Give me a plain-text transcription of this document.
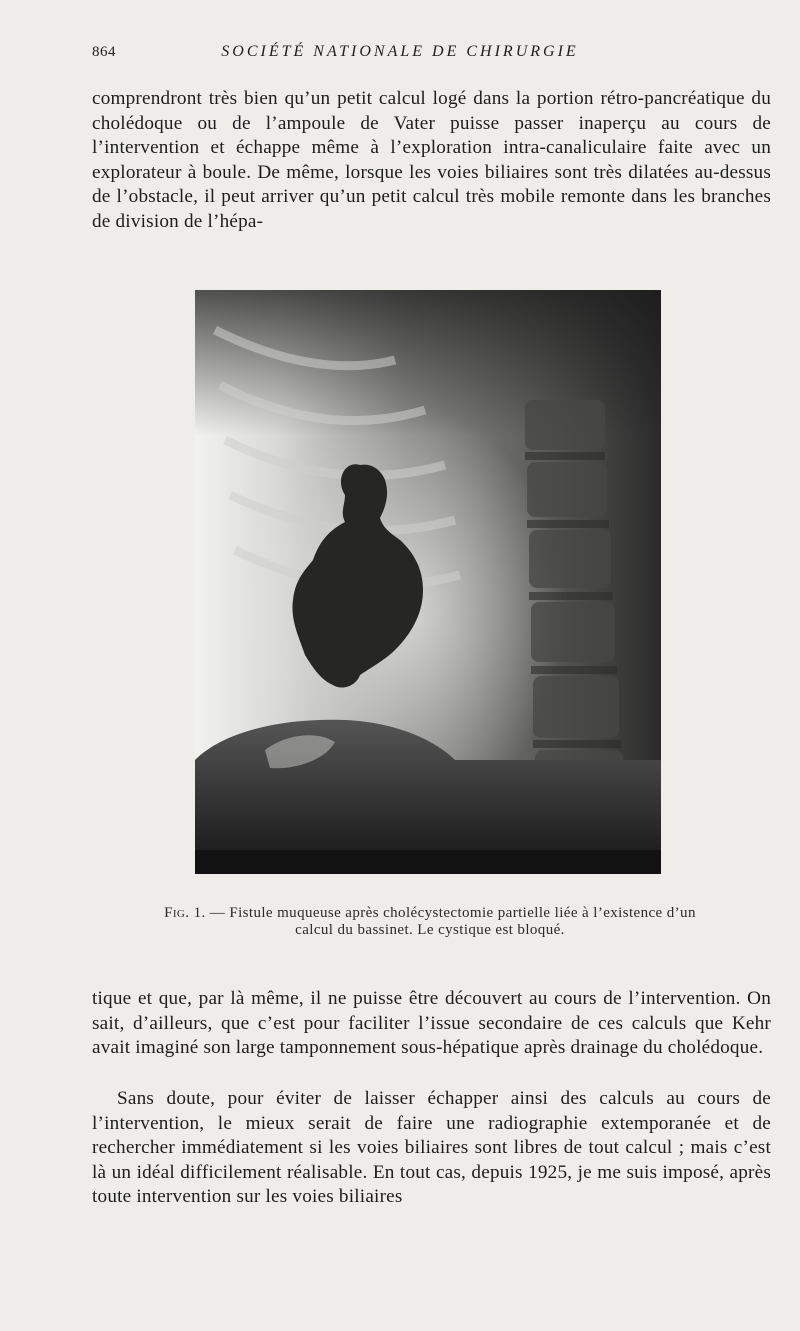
864	SOCIÉTÉ NATIONALE DE CHIRURGIE

comprendront très bien qu’un petit calcul logé dans la portion rétro-pancréatique du cholédoque ou de l’ampoule de Vater puisse passer inaperçu au cours de l’intervention et échappe même à l’exploration intra-canaliculaire faite avec un explorateur à boule. De même, lorsque les voies biliaires sont très dilatées au-dessus de l’obstacle, il peut arriver qu’un petit calcul très mobile remonte dans les branches de division de l’hépa-

Fig. 1. — Fistule muqueuse après cholécystectomie partielle liée à l’existence d’un calcul du bassinet. Le cystique est bloqué.

tique et que, par là même, il ne puisse être découvert au cours de l’intervention. On sait, d’ailleurs, que c’est pour faciliter l’issue secondaire de ces calculs que Kehr avait imaginé son large tamponnement sous-hépatique après drainage du cholédoque.

Sans doute, pour éviter de laisser échapper ainsi des calculs au cours de l’intervention, le mieux serait de faire une radiographie extemporanée et de rechercher immédiatement si les voies biliaires sont libres de tout calcul ; mais c’est là un idéal difficilement réalisable. En tout cas, depuis 1925, je me suis imposé, après toute intervention sur les voies biliaires
